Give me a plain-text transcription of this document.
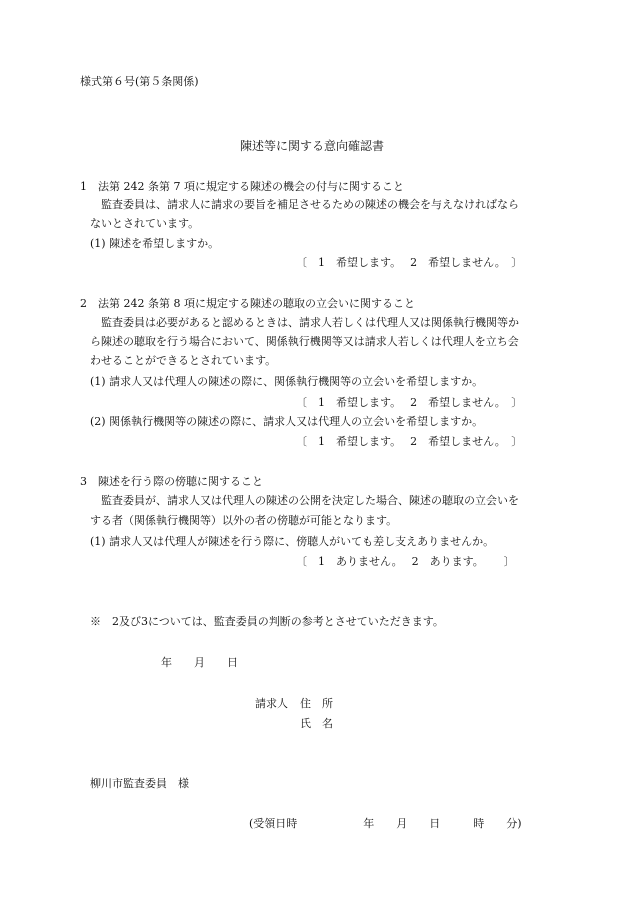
様式第６号(第５条関係)
陳述等に関する意向確認書
1　法第 242 条第 7 項に規定する陳述の機会の付与に関すること
監査委員は、請求人に請求の要旨を補足させるための陳述の機会を与えなければなら
ないとされています。
(1) 陳述を希望しますか。
〔　1　希望します。　 2　希望しません。　〕
2　法第 242 条第 8 項に規定する陳述の聴取の立会いに関すること
監査委員は必要があると認めるときは、請求人若しくは代理人又は関係執行機関等か
ら陳述の聴取を行う場合において、関係執行機関等又は請求人若しくは代理人を立ち会
わせることができるとされています。
(1) 請求人又は代理人の陳述の際に、関係執行機関等の立会いを希望しますか。
〔　1　希望します。　 2　希望しません。　〕
(2) 関係執行機関等の陳述の際に、請求人又は代理人の立会いを希望しますか。
〔　1　希望します。　 2　希望しません。　〕
3　陳述を行う際の傍聴に関すること
監査委員が、請求人又は代理人の陳述の公開を決定した場合、陳述の聴取の立会いを
する者（関係執行機関等）以外の者の傍聴が可能となります。
(1) 請求人又は代理人が陳述を行う際に、傍聴人がいても差し支えありませんか。
〔　1　ありません。　 2　あります。　　 〕
※　2及び3については、監査委員の判断の参考とさせていただきます。
年　　月　　日
請求人 住　所
氏　名
柳川市監査委員　様
(受領日時　　　　　　年　　月　　日　　　時　　分)
